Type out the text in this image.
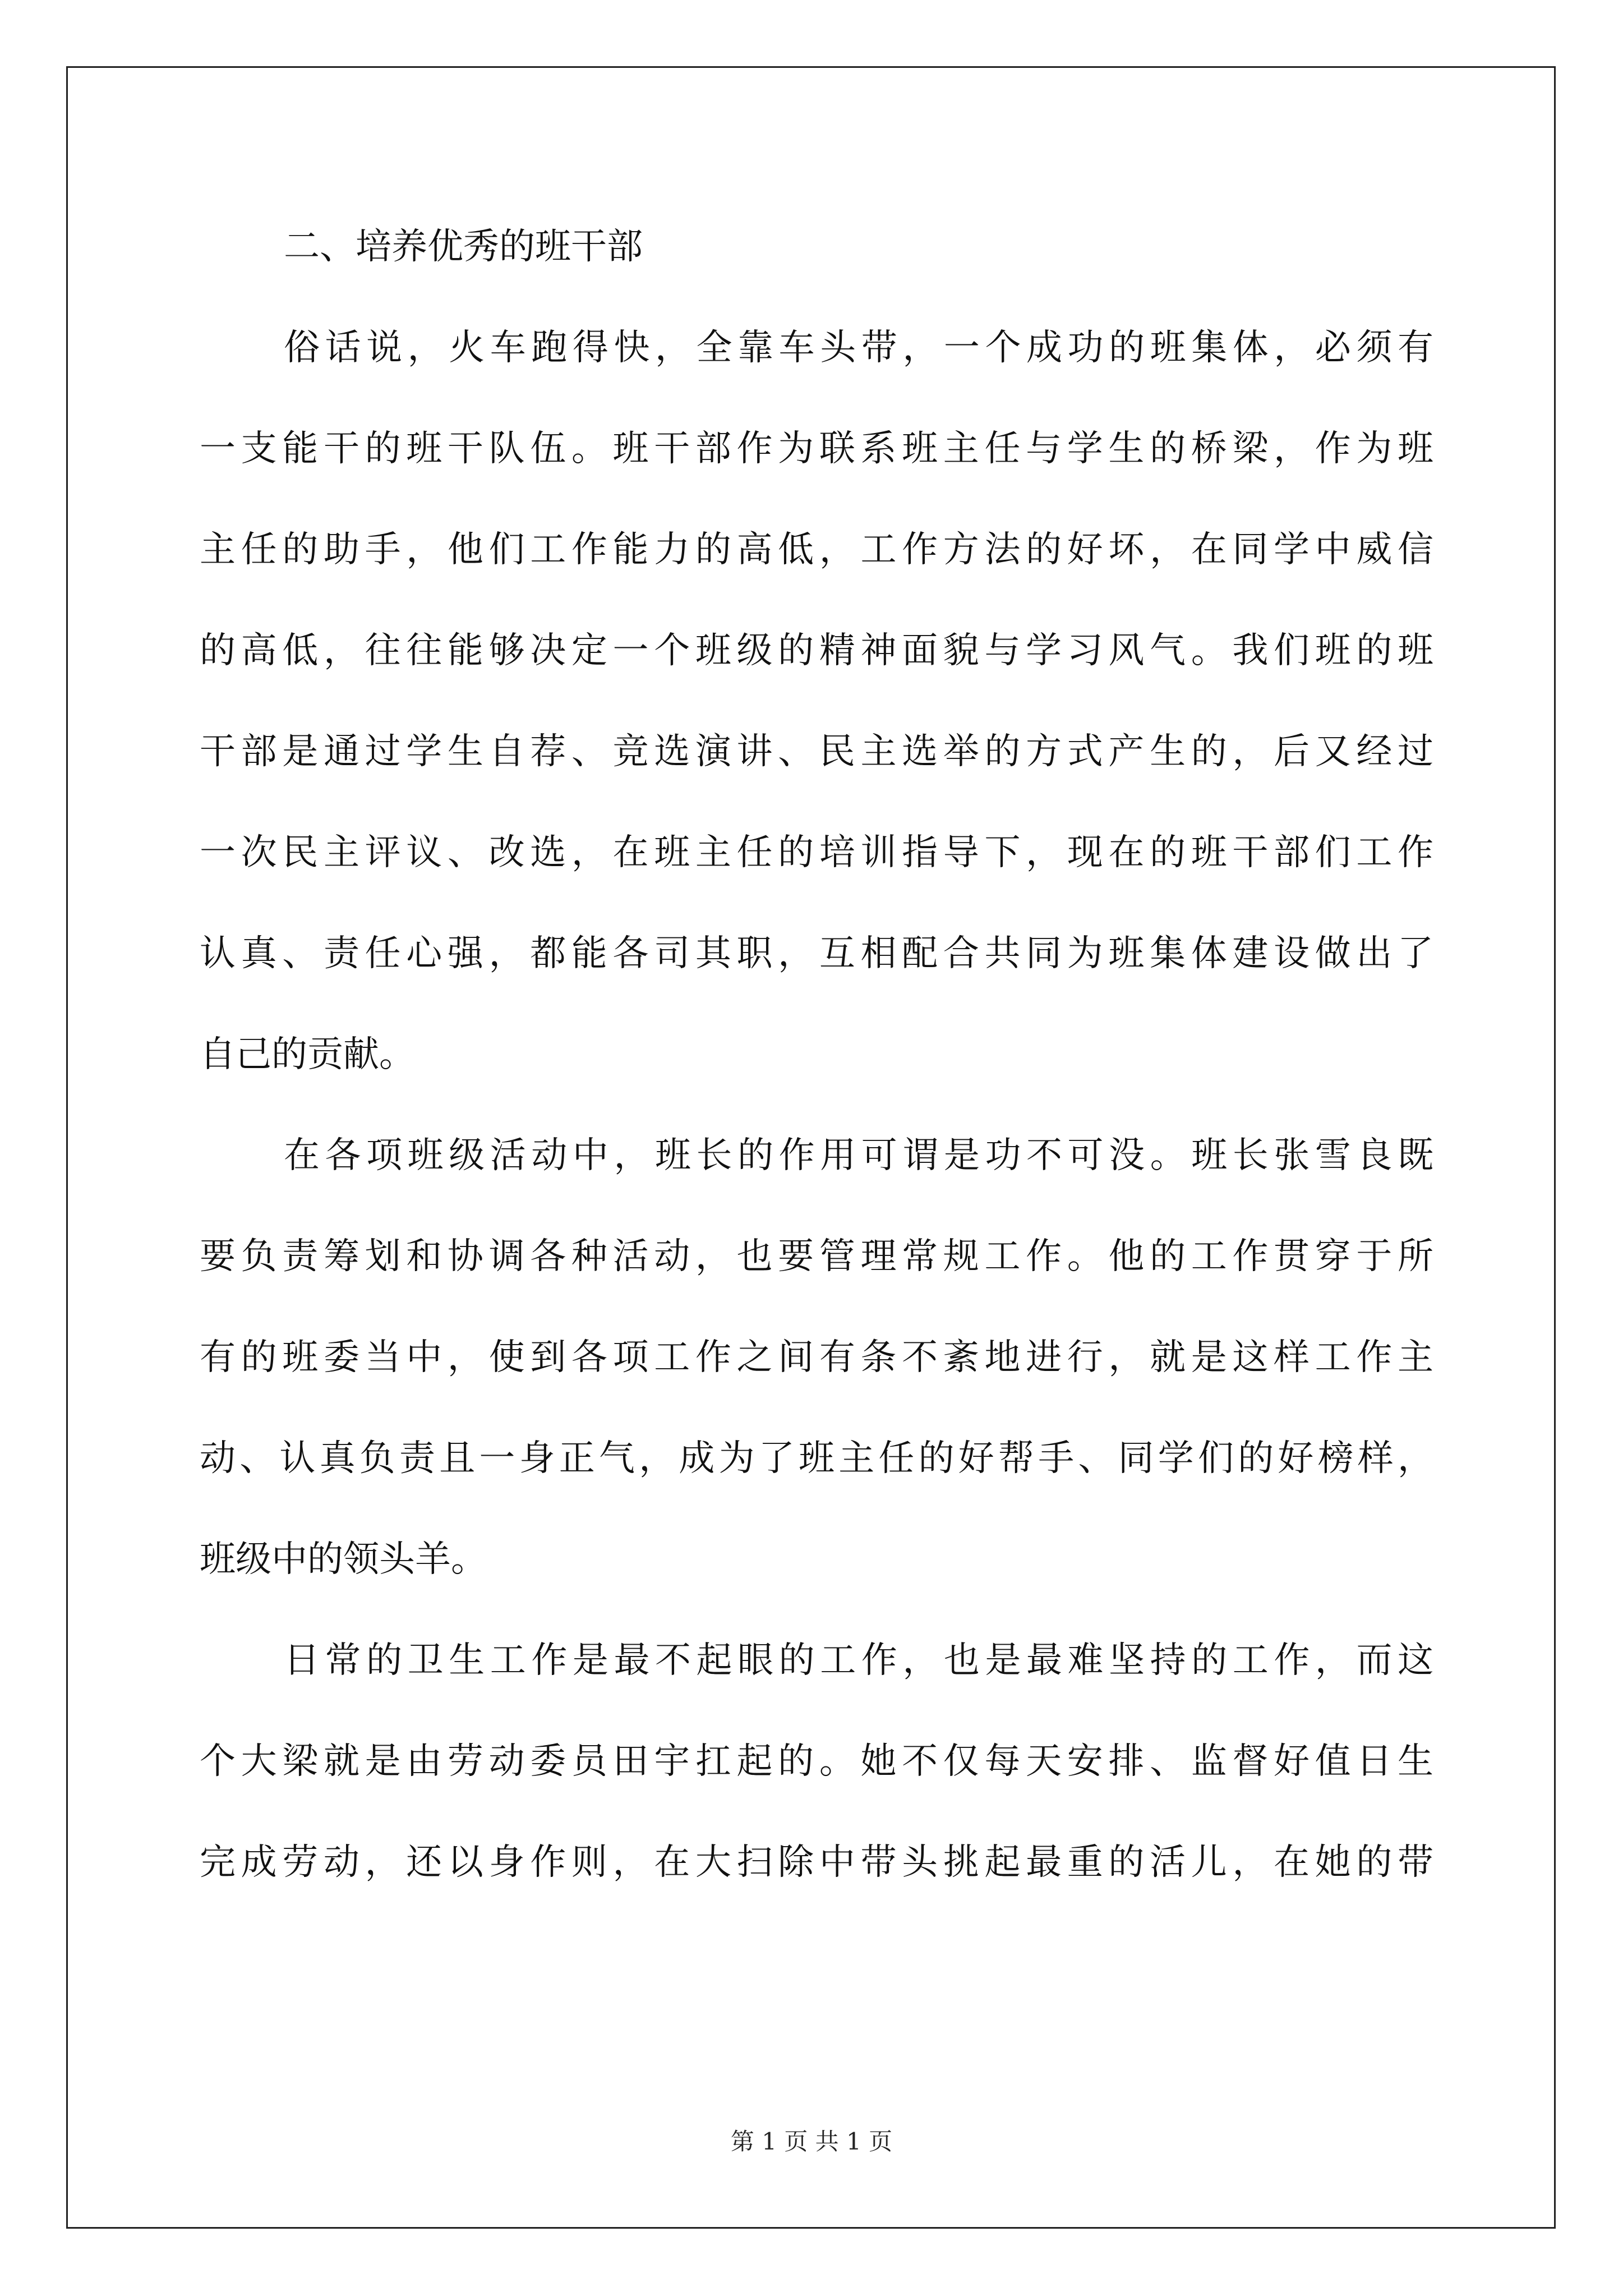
二、培养优秀的班干部
俗话说，火车跑得快，全靠车头带，一个成功的班集体，必须有
一支能干的班干队伍。班干部作为联系班主任与学生的桥梁，作为班
主任的助手，他们工作能力的高低，工作方法的好坏，在同学中威信
的高低，往往能够决定一个班级的精神面貌与学习风气。我们班的班
干部是通过学生自荐、竞选演讲、民主选举的方式产生的，后又经过
一次民主评议、改选，在班主任的培训指导下，现在的班干部们工作
认真、责任心强，都能各司其职，互相配合共同为班集体建设做出了
自己的贡献。
在各项班级活动中，班长的作用可谓是功不可没。班长张雪良既
要负责筹划和协调各种活动，也要管理常规工作。他的工作贯穿于所
有的班委当中，使到各项工作之间有条不紊地进行，就是这样工作主
动、认真负责且一身正气，成为了班主任的好帮手、同学们的好榜样，
班级中的领头羊。
日常的卫生工作是最不起眼的工作，也是最难坚持的工作，而这
个大梁就是由劳动委员田宇扛起的。她不仅每天安排、监督好值日生
完成劳动，还以身作则，在大扫除中带头挑起最重的活儿，在她的带
第 1 页 共 1 页
